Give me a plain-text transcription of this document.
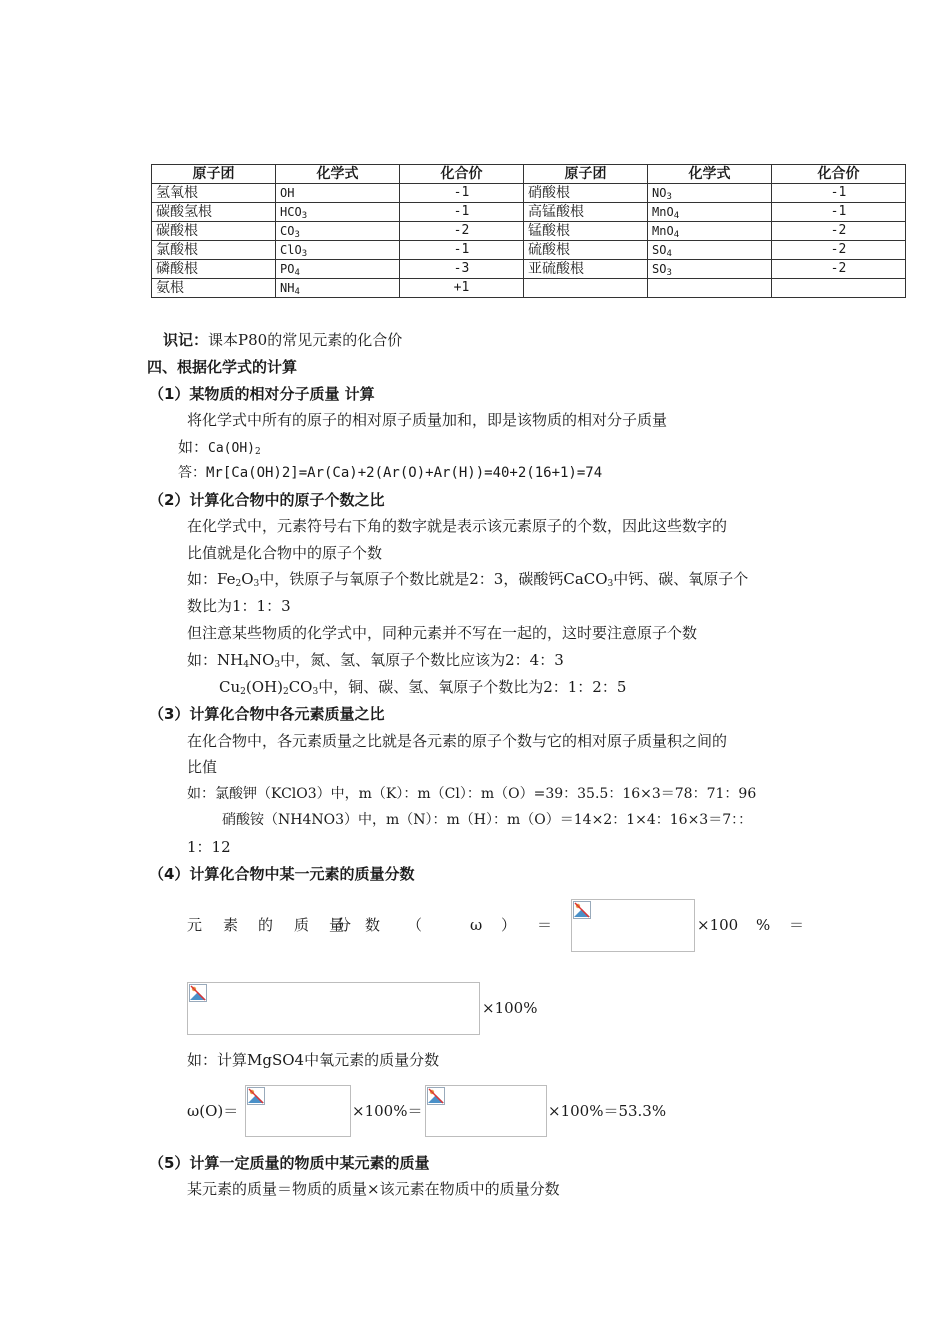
原子团	化学式	化合价	原子团	化学式	化合价
氢氧根	OH	-1	硝酸根	$NO_3$	-1
碳酸氢根	$HCO_3$	-1	高锰酸根	MnO$_4$	-1
碳酸根	$CO_3$	-2	锰酸根	MnO$_4$	-2
氯酸根	ClO$_3$	-1	硫酸根	$SO_4$	-2
磷酸根	$PO_4$	-3	亚硫酸根	$SO_3$	-2
氨根	$NH_4$	+1			
识记：课本P80的常见元素的化合价
四、根据化学式的计算
（1）某物质的相对分子质量 计算
将化学式中所有的原子的相对原子质量加和，即是该物质的相对分子质量
如：$Ca(OH)_2$
答：Mr[Ca(OH)2]=Ar(Ca)+2(Ar(O)+Ar(H))=40+2(16+1)=74
（2）计算化合物中的原子个数之比
在化学式中，元素符号右下角的数字就是表示该元素原子的个数，因此这些数字的
比值就是化合物中的原子个数
如：$Fe_2O_3$中，铁原子与氧原子个数比就是2：3，碳酸钙CaCO$_3$中钙、碳、氧原子个
数比为1：1：3
但注意某些物质的化学式中，同种元素并不写在一起的，这时要注意原子个数
如：$NH_4NO_3$中，氮、氢、氧原子个数比应该为2：4：3
$Cu_2(OH)_2CO_3$中，铜、碳、氢、氧原子个数比为2：1：2：5
（3）计算化合物中各元素质量之比
在化合物中，各元素质量之比就是各元素的原子个数与它的相对原子质量积之间的
比值
如：氯酸钾（KClO3）中，m（K）：m（Cl）：m（O）=39：35.5：16×3＝78：71：96
硝酸铵（NH4NO3）中，m（N）：m（H）：m（O）＝14×2：1×4：16×3＝7：：
1：12
（4）计算化合物中某一元素的质量分数
元 素 的 质 量分 数 （	ω ） ＝	×100 % ＝
×100%
如：计算MgSO4中氧元素的质量分数
ω(O)＝	×100%＝	×100%＝53.3%
（5）计算一定质量的物质中某元素的质量
某元素的质量＝物质的质量×该元素在物质中的质量分数
